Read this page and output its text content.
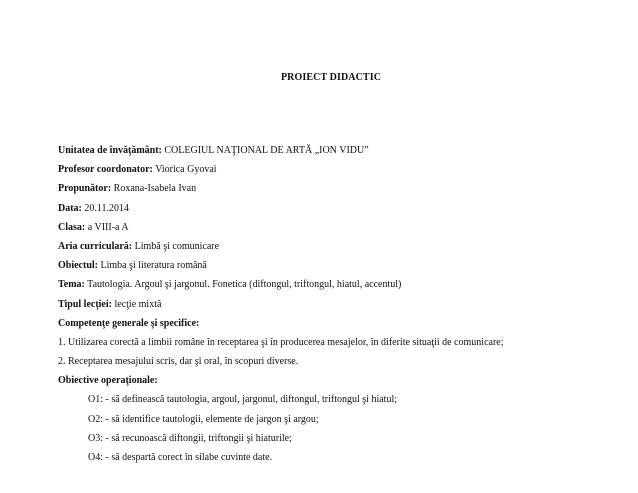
PROIECT DIDACTIC
Unitatea de învăţământ: COLEGIUL NAŢIONAL DE ARTĂ „ION VIDU”
Profesor coordonator: Viorica Gyovai
Propunător: Roxana-Isabela Ivan
Data: 20.11.2014
Clasa: a VIII-a A
Aria curriculară: Limbă şi comunicare
Obiectul: Limba şi literatura română
Tema: Tautologia. Argoul şi jargonul. Fonetica (diftongul, triftongul, hiatul, accentul)
Tipul lecţiei: lecţie mixtă
Competenţe generale şi specifice:
1. Utilizarea corectă a limbii române în receptarea şi în producerea mesajelor, în diferite situaţii de comunicare;
2. Receptarea mesajului scris, dar şi oral, în scopuri diverse.
Obiective operaţionale:
O1: - să definească tautologia, argoul, jargonul, diftongul, triftongul şi hiatul;
O2: - să identifice tautologii, elemente de jargon şi argou;
O3: - să recunoască diftongii, triftongii şi hiaturile;
O4: - să despartă corect în silabe cuvinte date.
